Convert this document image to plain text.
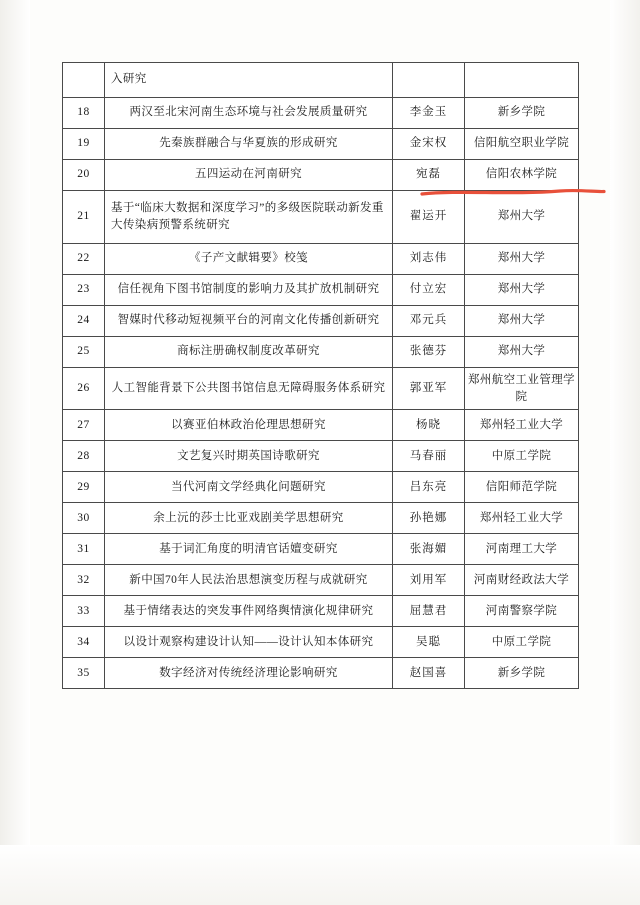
	入研究		
18	两汉至北宋河南生态环境与社会发展质量研究	李金玉	新乡学院
19	先秦族群融合与华夏族的形成研究	金宋权	信阳航空职业学院
20	五四运动在河南研究	宛磊	信阳农林学院
21	基于“临床大数据和深度学习”的多级医院联动新发重大传染病预警系统研究	翟运开	郑州大学
22	《子产文献辑要》校笺	刘志伟	郑州大学
23	信任视角下图书馆制度的影响力及其扩放机制研究	付立宏	郑州大学
24	智媒时代移动短视频平台的河南文化传播创新研究	邓元兵	郑州大学
25	商标注册确权制度改革研究	张德芬	郑州大学
26	人工智能背景下公共图书馆信息无障碍服务体系研究	郭亚军	郑州航空工业管理学院
27	以赛亚伯林政治伦理思想研究	杨晓	郑州轻工业大学
28	文艺复兴时期英国诗歌研究	马春丽	中原工学院
29	当代河南文学经典化问题研究	吕东亮	信阳师范学院
30	余上沅的莎士比亚戏剧美学思想研究	孙艳娜	郑州轻工业大学
31	基于词汇角度的明清官话嬗变研究	张海媚	河南理工大学
32	新中国70年人民法治思想演变历程与成就研究	刘用军	河南财经政法大学
33	基于情绪表达的突发事件网络舆情演化规律研究	屈慧君	河南警察学院
34	以设计观察构建设计认知——设计认知本体研究	吴聪	中原工学院
35	数字经济对传统经济理论影响研究	赵国喜	新乡学院
